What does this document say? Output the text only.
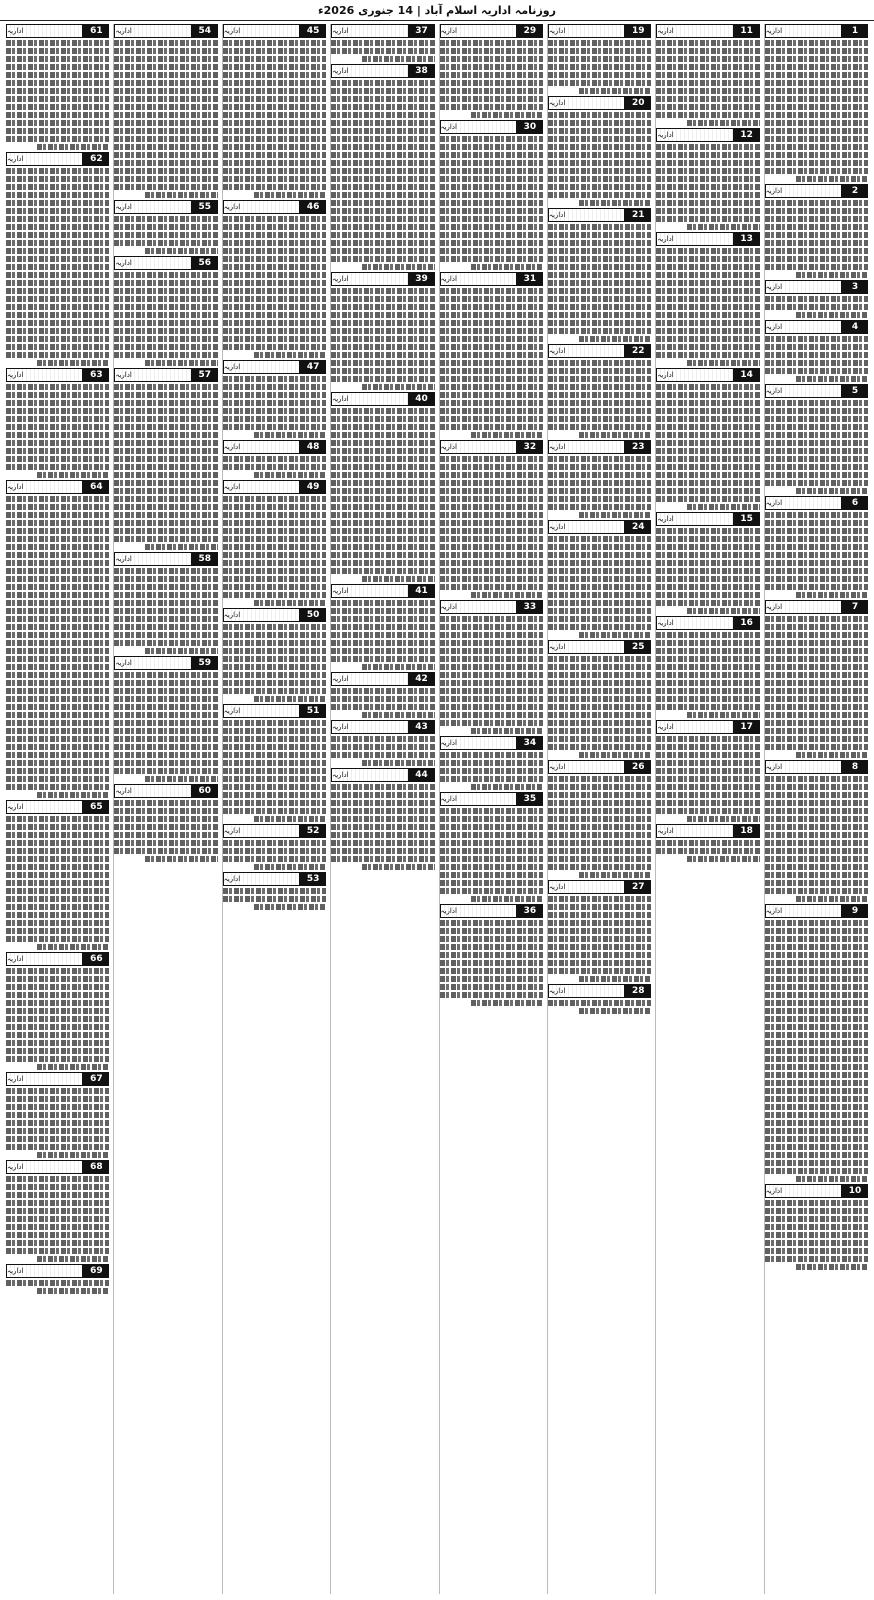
روزنامہ اداریہ اسلام آباد | 14 جنوری 2026ء
1
اداریہ
2
اداریہ
3
اداریہ
4
اداریہ
5
اداریہ
6
اداریہ
7
اداریہ
8
اداریہ
9
اداریہ
10
اداریہ
11
اداریہ
12
اداریہ
13
اداریہ
14
اداریہ
15
اداریہ
16
اداریہ
17
اداریہ
18
اداریہ
19
اداریہ
20
اداریہ
21
اداریہ
22
اداریہ
23
اداریہ
24
اداریہ
25
اداریہ
26
اداریہ
27
اداریہ
28
اداریہ
29
اداریہ
30
اداریہ
31
اداریہ
32
اداریہ
33
اداریہ
34
اداریہ
35
اداریہ
36
اداریہ
37
اداریہ
38
اداریہ
39
اداریہ
40
اداریہ
41
اداریہ
42
اداریہ
43
اداریہ
44
اداریہ
45
اداریہ
46
اداریہ
47
اداریہ
48
اداریہ
49
اداریہ
50
اداریہ
51
اداریہ
52
اداریہ
53
اداریہ
54
اداریہ
55
اداریہ
56
اداریہ
57
اداریہ
58
اداریہ
59
اداریہ
60
اداریہ
61
اداریہ
62
اداریہ
63
اداریہ
64
اداریہ
65
اداریہ
66
اداریہ
67
اداریہ
68
اداریہ
69
اداریہ
